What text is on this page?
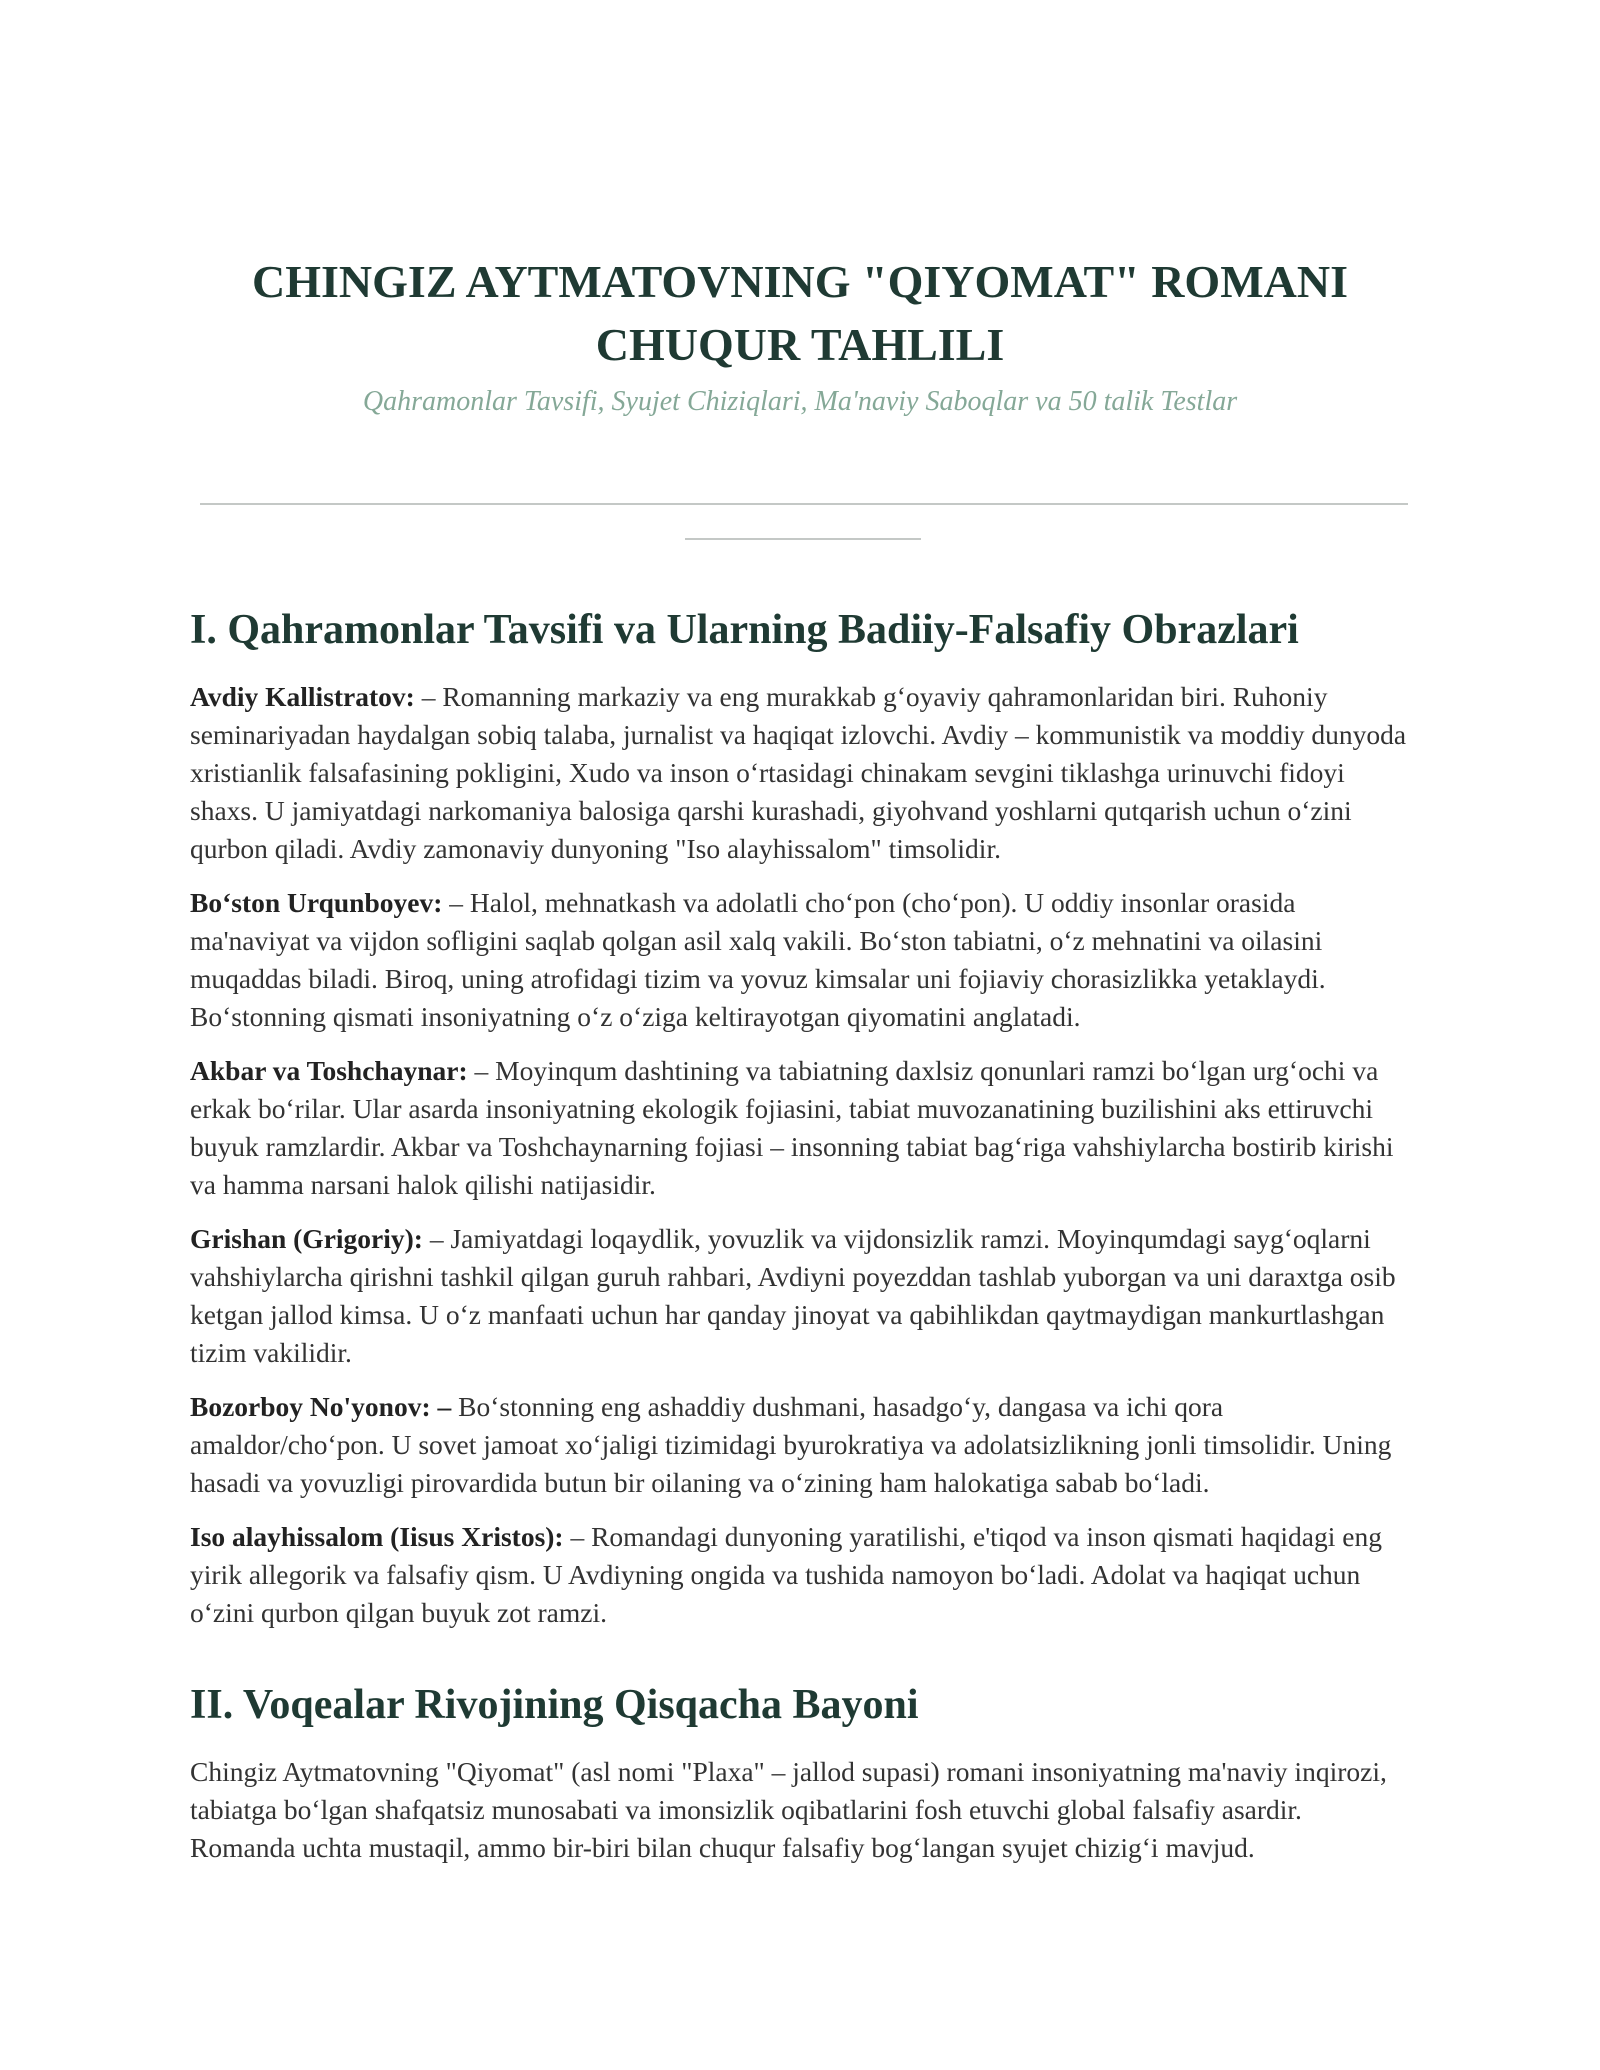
CHINGIZ AYTMATOVNING "QIYOMAT" ROMANI CHUQUR TAHLILI

Qahramonlar Tavsifi, Syujet Chiziqlari, Ma'naviy Saboqlar va 50 talik Testlar

I. Qahramonlar Tavsifi va Ularning Badiiy-Falsafiy Obrazlari

Avdiy Kallistratov: – Romanning markaziy va eng murakkab g‘oyaviy qahramonlaridan biri. Ruhoniy seminariyadan haydalgan sobiq talaba, jurnalist va haqiqat izlovchi. Avdiy – kommunistik va moddiy dunyoda xristianlik falsafasining pokligini, Xudo va inson o‘rtasidagi chinakam sevgini tiklashga urinuvchi fidoyi shaxs. U jamiyatdagi narkomaniya balosiga qarshi kurashadi, giyohvand yoshlarni qutqarish uchun o‘zini qurbon qiladi. Avdiy zamonaviy dunyoning "Iso alayhissalom" timsolidir.

Bo‘ston Urqunboyev: – Halol, mehnatkash va adolatli cho‘pon (cho‘pon). U oddiy insonlar orasida ma'naviyat va vijdon sofligini saqlab qolgan asil xalq vakili. Bo‘ston tabiatni, o‘z mehnatini va oilasini muqaddas biladi. Biroq, uning atrofidagi tizim va yovuz kimsalar uni fojiaviy chorasizlikka yetaklaydi. Bo‘stonning qismati insoniyatning o‘z o‘ziga keltirayotgan qiyomatini anglatadi.

Akbar va Toshchaynar: – Moyinqum dashtining va tabiatning daxlsiz qonunlari ramzi bo‘lgan urg‘ochi va erkak bo‘rilar. Ular asarda insoniyatning ekologik fojiasini, tabiat muvozanatining buzilishini aks ettiruvchi buyuk ramzlardir. Akbar va Toshchaynarning fojiasi – insonning tabiat bag‘riga vahshiylarcha bostirib kirishi va hamma narsani halok qilishi natijasidir.

Grishan (Grigoriy): – Jamiyatdagi loqaydlik, yovuzlik va vijdonsizlik ramzi. Moyinqumdagi sayg‘oqlarni vahshiylarcha qirishni tashkil qilgan guruh rahbari, Avdiyni poyezddan tashlab yuborgan va uni daraxtga osib ketgan jallod kimsa. U o‘z manfaati uchun har qanday jinoyat va qabihlikdan qaytmaydigan mankurtlashgan tizim vakilidir.

Bozorboy No'yonov: – Bo‘stonning eng ashaddiy dushmani, hasadgo‘y, dangasa va ichi qora amaldor/cho‘pon. U sovet jamoat xo‘jaligi tizimidagi byurokratiya va adolatsizlikning jonli timsolidir. Uning hasadi va yovuzligi pirovardida butun bir oilaning va o‘zining ham halokatiga sabab bo‘ladi.

Iso alayhissalom (Iisus Xristos): – Romandagi dunyoning yaratilishi, e'tiqod va inson qismati haqidagi eng yirik allegorik va falsafiy qism. U Avdiyning ongida va tushida namoyon bo‘ladi. Adolat va haqiqat uchun o‘zini qurbon qilgan buyuk zot ramzi.

II. Voqealar Rivojining Qisqacha Bayoni

Chingiz Aytmatovning "Qiyomat" (asl nomi "Plaxa" – jallod supasi) romani insoniyatning ma'naviy inqirozi, tabiatga bo‘lgan shafqatsiz munosabati va imonsizlik oqibatlarini fosh etuvchi global falsafiy asardir. Romanda uchta mustaqil, ammo bir-biri bilan chuqur falsafiy bog‘langan syujet chizig‘i mavjud.
